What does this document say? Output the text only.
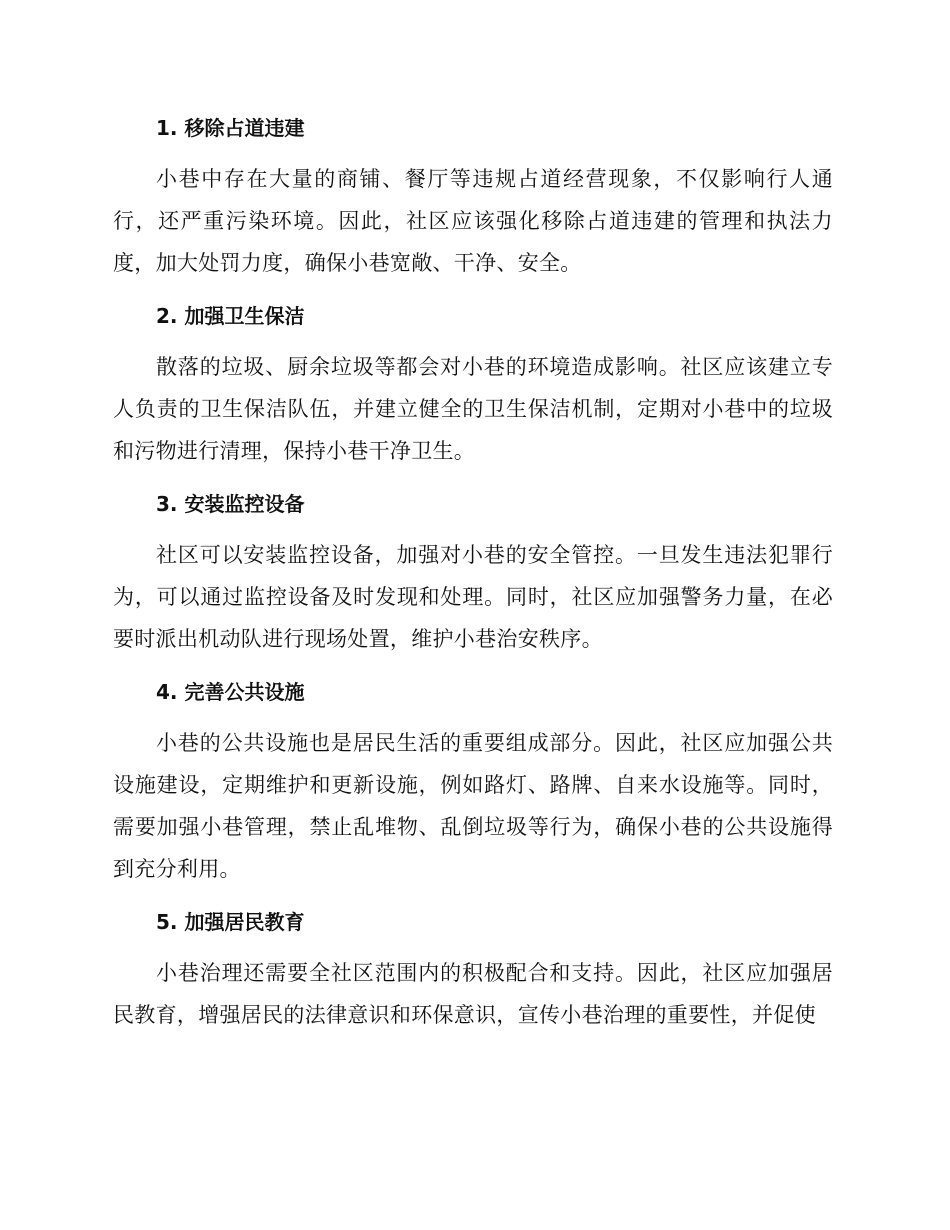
1. 移除占道违建

小巷中存在大量的商铺、餐厅等违规占道经营现象，不仅影响行人通行，还严重污染环境。因此，社区应该强化移除占道违建的管理和执法力度，加大处罚力度，确保小巷宽敞、干净、安全。

2. 加强卫生保洁

散落的垃圾、厨余垃圾等都会对小巷的环境造成影响。社区应该建立专人负责的卫生保洁队伍，并建立健全的卫生保洁机制，定期对小巷中的垃圾和污物进行清理，保持小巷干净卫生。

3. 安装监控设备

社区可以安装监控设备，加强对小巷的安全管控。一旦发生违法犯罪行为，可以通过监控设备及时发现和处理。同时，社区应加强警务力量，在必要时派出机动队进行现场处置，维护小巷治安秩序。

4. 完善公共设施

小巷的公共设施也是居民生活的重要组成部分。因此，社区应加强公共设施建设，定期维护和更新设施，例如路灯、路牌、自来水设施等。同时，需要加强小巷管理，禁止乱堆物、乱倒垃圾等行为，确保小巷的公共设施得到充分利用。

5. 加强居民教育

小巷治理还需要全社区范围内的积极配合和支持。因此，社区应加强居民教育，增强居民的法律意识和环保意识，宣传小巷治理的重要性，并促使
